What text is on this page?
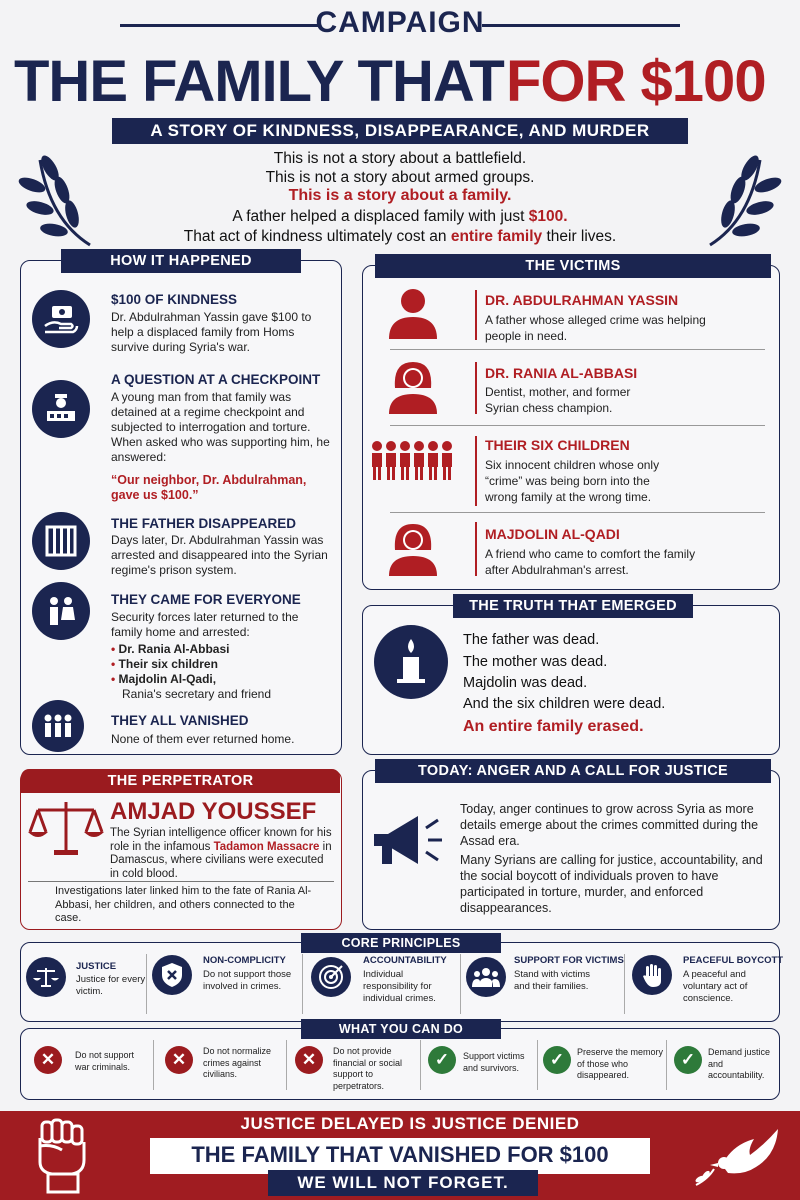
CAMPAIGN
THE FAMILY THAT FOR $100
A STORY OF KINDNESS, DISAPPEARANCE, AND MURDER
This is not a story about a battlefield.
This is not a story about armed groups.
This is a story about a family.
A father helped a displaced family with just $100.
That act of kindness ultimately cost an entire family their lives.
HOW IT HAPPENED
$100 OF KINDNESS
Dr. Abdulrahman Yassin gave $100 to help a displaced family from Homs survive during Syria's war.
A QUESTION AT A CHECKPOINT
A young man from that family was detained at a regime checkpoint and subjected to interrogation and torture. When asked who was supporting him, he answered:
“Our neighbor, Dr. Abdulrahman, gave us $100.”
THE FATHER DISAPPEARED
Days later, Dr. Abdulrahman Yassin was arrested and disappeared into the Syrian regime's prison system.
THEY CAME FOR EVERYONE
Security forces later returned to the family home and arrested:
• Dr. Rania Al-Abbasi
• Their six children
• Majdolin Al-Qadi,
Rania's secretary and friend
THEY ALL VANISHED
None of them ever returned home.
THE VICTIMS
DR. ABDULRAHMAN YASSIN
A father whose alleged crime was helping people in need.
DR. RANIA AL-ABBASI
Dentist, mother, and former Syrian chess champion.
THEIR SIX CHILDREN
Six innocent children whose only “crime” was being born into the wrong family at the wrong time.
MAJDOLIN AL-QADI
A friend who came to comfort the family after Abdulrahman's arrest.
THE TRUTH THAT EMERGED
The father was dead.
The mother was dead.
Majdolin was dead.
And the six children were dead.
An entire family erased.
THE PERPETRATOR
AMJAD YOUSSEF
The Syrian intelligence officer known for his role in the infamous Tadamon Massacre in Damascus, where civilians were executed in cold blood.
Investigations later linked him to the fate of Rania Al-Abbasi, her children, and others connected to the case.
TODAY: ANGER AND A CALL FOR JUSTICE
Today, anger continues to grow across Syria as more details emerge about the crimes committed during the Assad era.
Many Syrians are calling for justice, accountability, and the social boycott of individuals proven to have participated in torture, murder, and enforced disappearances.
CORE PRINCIPLES
JUSTICE
Justice for every victim.
NON-COMPLICITY
Do not support those involved in crimes.
ACCOUNTABILITY
Individual responsibility for individual crimes.
SUPPORT FOR VICTIMS
Stand with victims and their families.
PEACEFUL BOYCOTT
A peaceful and voluntary act of conscience.
WHAT YOU CAN DO
✕	Do not support war criminals.	✕	Do not normalize crimes against civilians.
✕	Do not provide financial or social support to perpetrators.
✓	Support victims and survivors.	✓	Preserve the memory of those who disappeared.
✓	Demand justice and accountability.
JUSTICE DELAYED IS JUSTICE DENIED
THE FAMILY THAT VANISHED FOR $100
WE WILL NOT FORGET.
